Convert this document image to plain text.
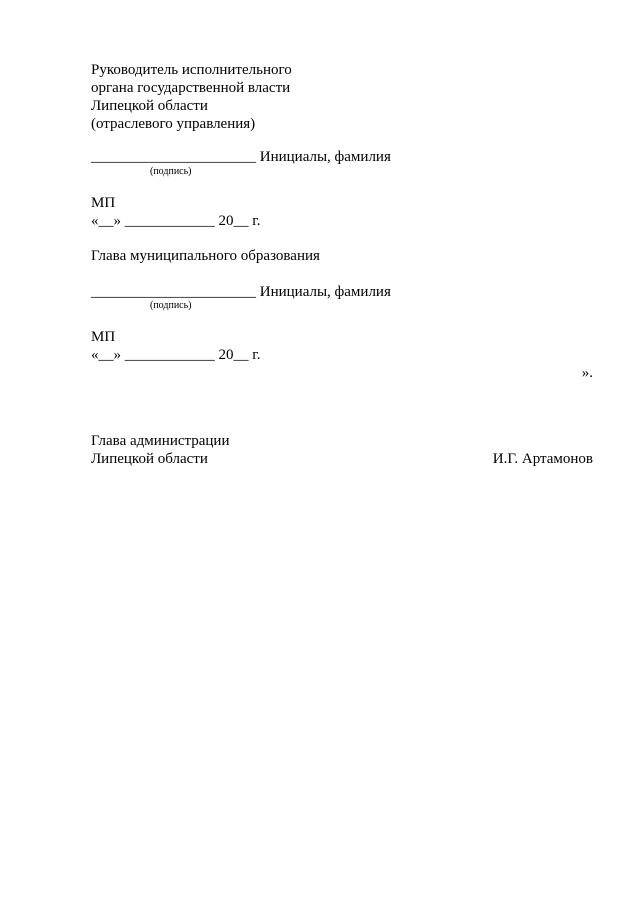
Руководитель исполнительного
органа государственной власти
Липецкой области
(отраслевого управления)
______________________ Инициалы, фамилия
(подпись)
МП
«__» ____________ 20__ г.
Глава муниципального образования
______________________ Инициалы, фамилия
(подпись)
МП
«__» ____________ 20__ г.
».
Глава администрации
Липецкой области	И.Г. Артамонов
